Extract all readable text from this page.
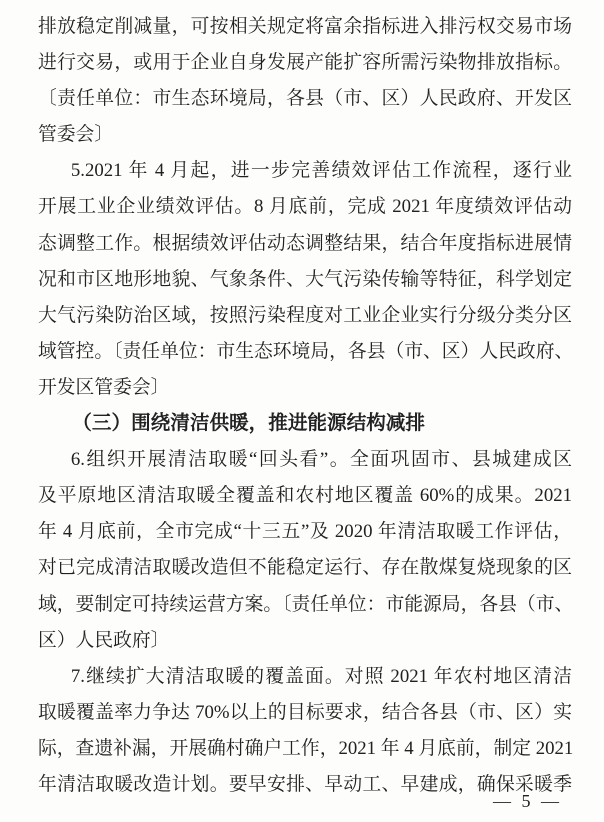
排放稳定削减量，可按相关规定将富余指标进入排污权交易市场
进行交易，或用于企业自身发展产能扩容所需污染物排放指标。
〔责任单位：市生态环境局，各县（市、区）人民政府、开发区
管委会〕
5.2021 年 4 月起，进一步完善绩效评估工作流程，逐行业
开展工业企业绩效评估。8 月底前，完成 2021 年度绩效评估动
态调整工作。根据绩效评估动态调整结果，结合年度指标进展情
况和市区地形地貌、气象条件、大气污染传输等特征，科学划定
大气污染防治区域，按照污染程度对工业企业实行分级分类分区
域管控。〔责任单位：市生态环境局，各县（市、区）人民政府、
开发区管委会〕
（三）围绕清洁供暖，推进能源结构减排
6.组织开展清洁取暖“回头看”。全面巩固市、县城建成区
及平原地区清洁取暖全覆盖和农村地区覆盖 60%的成果。2021
年 4 月底前，全市完成“十三五”及 2020 年清洁取暖工作评估，
对已完成清洁取暖改造但不能稳定运行、存在散煤复烧现象的区
域，要制定可持续运营方案。〔责任单位：市能源局，各县（市、
区）人民政府〕
7.继续扩大清洁取暖的覆盖面。对照 2021 年农村地区清洁
取暖覆盖率力争达 70%以上的目标要求，结合各县（市、区）实
际，查遗补漏，开展确村确户工作，2021 年 4 月底前，制定 2021
年清洁取暖改造计划。要早安排、早动工、早建成，确保采暖季
— 5 —
